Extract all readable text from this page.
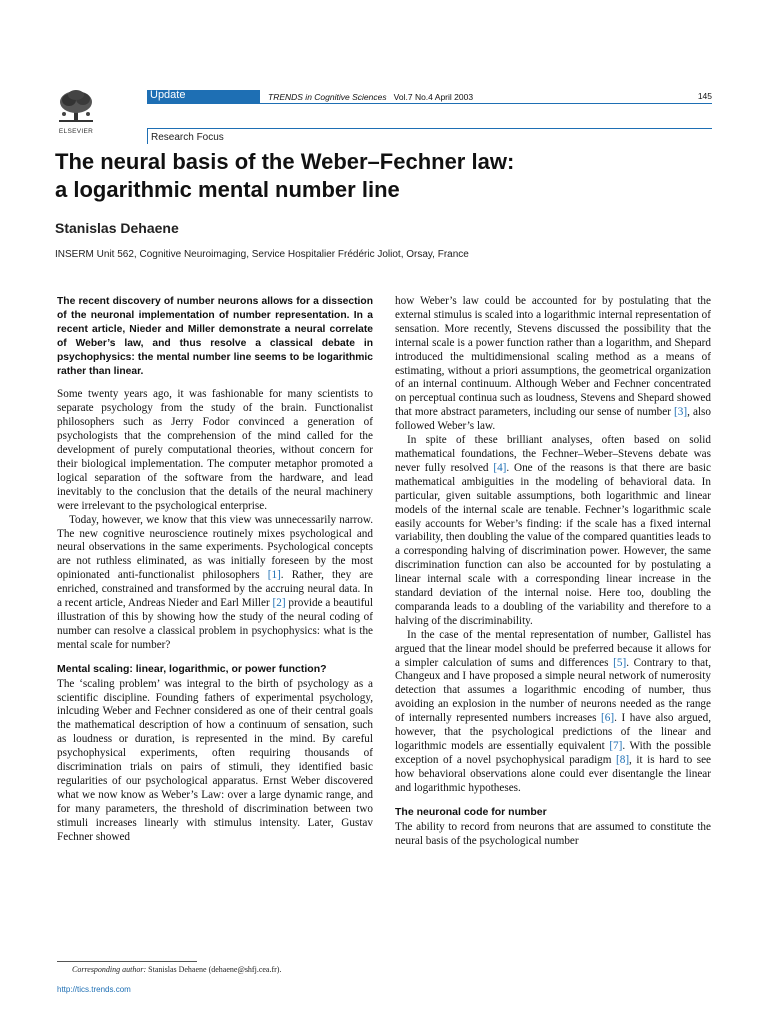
ELSEVIER
Update	TRENDS in Cognitive Sciences Vol.7 No.4 April 2003	145
Research Focus
The neural basis of the Weber–Fechner law:
a logarithmic mental number line
Stanislas Dehaene
INSERM Unit 562, Cognitive Neuroimaging, Service Hospitalier Frédéric Joliot, Orsay, France

The recent discovery of number neurons allows for a dissection of the neuronal implementation of number representation. In a recent article, Nieder and Miller demonstrate a neural correlate of Weber’s law, and thus resolve a classical debate in psychophysics: the mental number line seems to be logarithmic rather than linear.

Some twenty years ago, it was fashionable for many scientists to separate psychology from the study of the brain. Functionalist philosophers such as Jerry Fodor convinced a generation of psychologists that the comprehension of the mind called for the development of purely computational theories, without concern for their biological implementation. The computer metaphor promoted a logical separation of the software from the hardware, and lead inevitably to the conclusion that the details of the neural machinery were irrelevant to the psychological enterprise.

Today, however, we know that this view was unnecessarily narrow. The new cognitive neuroscience routinely mixes psychological and neural observations in the same experiments. Psychological concepts are not ruthless eliminated, as was initially foreseen by the most opinionated anti-functionalist philosophers [1]. Rather, they are enriched, constrained and transformed by the accruing neural data. In a recent article, Andreas Nieder and Earl Miller [2] provide a beautiful illustration of this by showing how the study of the neural coding of number can resolve a classical problem in psychophysics: what is the mental scale for number?

Mental scaling: linear, logarithmic, or power function?

The ‘scaling problem’ was integral to the birth of psychology as a scientific discipline. Founding fathers of experimental psychology, inlcuding Weber and Fechner considered as one of their central goals the mathematical description of how a continuum of sensation, such as loudness or duration, is represented in the mind. By careful psychophysical experiments, often requiring thousands of discrimination trials on pairs of stimuli, they identified basic regularities of our psychological apparatus. Ernst Weber discovered what we now know as Weber’s Law: over a large dynamic range, and for many parameters, the threshold of discrimination between two stimuli increases linearly with stimulus intensity. Later, Gustav Fechner showed

how Weber’s law could be accounted for by postulating that the external stimulus is scaled into a logarithmic internal representation of sensation. More recently, Stevens discussed the possibility that the internal scale is a power function rather than a logarithm, and Shepard introduced the multidimensional scaling method as a means of estimating, without a priori assumptions, the geometrical organization of an internal continuum. Although Weber and Fechner concentrated on perceptual continua such as loudness, Stevens and Shepard showed that more abstract parameters, including our sense of number [3], also followed Weber’s law.

In spite of these brilliant analyses, often based on solid mathematical foundations, the Fechner–Weber–Stevens debate was never fully resolved [4]. One of the reasons is that there are basic mathematical ambiguities in the modeling of behavioral data. In particular, given suitable assumptions, both logarithmic and linear models of the internal scale are tenable. Fechner’s logarithmic scale easily accounts for Weber’s finding: if the scale has a fixed internal variability, then doubling the value of the compared quantities leads to a corresponding halving of discrimination power. However, the same discrimination function can also be accounted for by postulating a linear internal scale with a corresponding linear increase in the standard deviation of the internal noise. Here too, doubling the comparanda leads to a doubling of the variability and therefore to a halving of the discriminability.

In the case of the mental representation of number, Gallistel has argued that the linear model should be preferred because it allows for a simpler calculation of sums and differences [5]. Contrary to that, Changeux and I have proposed a simple neural network of numerosity detection that assumes a logarithmic encoding of number, thus avoiding an explosion in the number of neurons needed as the range of internally represented numbers increases [6]. I have also argued, however, that the psychological predictions of the linear and logarithmic models are essentially equivalent [7]. With the possible exception of a novel psychophysical paradigm [8], it is hard to see how behavioral observations alone could ever disentangle the linear and logarithmic hypotheses.

The neuronal code for number

The ability to record from neurons that are assumed to constitute the neural basis of the psychological number

Corresponding author: Stanislas Dehaene (dehaene@shfj.cea.fr).
http://tics.trends.com
